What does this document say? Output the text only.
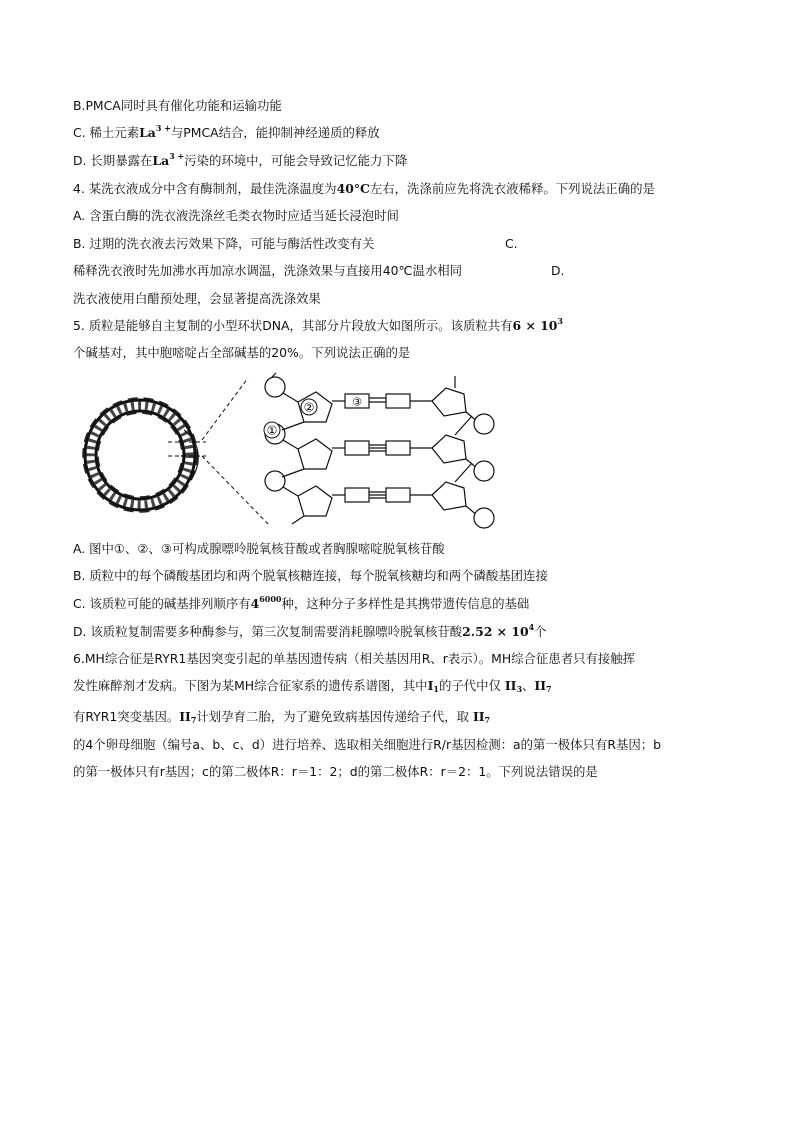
B.PMCA同时具有催化功能和运输功能
C. 稀土元素$La^{3 +}$与PMCA结合，能抑制神经递质的释放
D. 长期暴露在$La^{3 +}$污染的环境中，可能会导致记忆能力下降
4. 某洗衣液成分中含有酶制剂，最佳洗涤温度为40°C左右，洗涤前应先将洗衣液稀释。下列说法正确的是
A. 含蛋白酶的洗衣液洗涤丝毛类衣物时应适当延长浸泡时间
B. 过期的洗衣液去污效果下降，可能与酶活性改变有关	C.
稀释洗衣液时先加沸水再加凉水调温，洗涤效果与直接用40℃温水相同	D.
洗衣液使用白醋预处理，会显著提高洗涤效果
5. 质粒是能够自主复制的小型环状DNA，其部分片段放大如图所示。该质粒共有$6 \times 10^3$
个碱基对，其中胞嘧啶占全部碱基的20%。下列说法正确的是
②
①
③
A. 图中①、②、③可构成腺嘌呤脱氧核苷酸或者胸腺嘧啶脱氧核苷酸
B. 质粒中的每个磷酸基团均和两个脱氧核糖连接，每个脱氧核糖均和两个磷酸基团连接
C. 该质粒可能的碱基排列顺序有$4^{6000}$种，这种分子多样性是其携带遗传信息的基础
D. 该质粒复制需要多种酶参与，第三次复制需要消耗腺嘌呤脱氧核苷酸$2.52 \times 10^4$个
6.MH综合征是RYR1基因突变引起的单基因遗传病（相关基因用R、r表示）。MH综合征患者只有接触挥
发性麻醉剂才发病。下图为某MH综合征家系的遗传系谱图，其中$I_1$的子代中仅 $II_3$、$II_7$
有RYR1突变基因。$II_7$计划孕育二胎，为了避免致病基因传递给子代，取 $II_7$
的4个卵母细胞（编号a、b、c、d）进行培养、选取相关细胞进行R/r基因检测：a的第一极体只有R基因；b
的第一极体只有r基因；c的第二极体R：r＝1：2；d的第二极体R：r＝2：1。下列说法错误的是
